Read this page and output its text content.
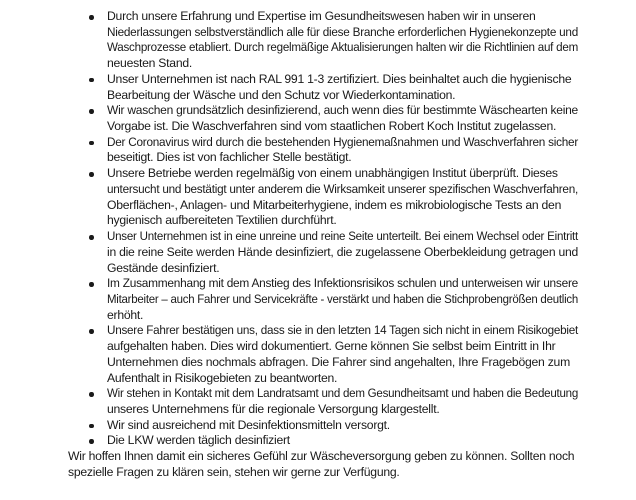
Durch unsere Erfahrung und Expertise im Gesundheitswesen haben wir in unseren
Niederlassungen selbstverständlich alle für diese Branche erforderlichen Hygienekonzepte und
Waschprozesse etabliert. Durch regelmäßige Aktualisierungen halten wir die Richtlinien auf dem
neuesten Stand.
Unser Unternehmen ist nach RAL 991 1-3 zertifiziert. Dies beinhaltet auch die hygienische
Bearbeitung der Wäsche und den Schutz vor Wiederkontamination.
Wir waschen grundsätzlich desinfizierend, auch wenn dies für bestimmte Wäschearten keine
Vorgabe ist. Die Waschverfahren sind vom staatlichen Robert Koch Institut zugelassen.
Der Coronavirus wird durch die bestehenden Hygienemaßnahmen und Waschverfahren sicher
beseitigt. Dies ist von fachlicher Stelle bestätigt.
Unsere Betriebe werden regelmäßig von einem unabhängigen Institut überprüft. Dieses
untersucht und bestätigt unter anderem die Wirksamkeit unserer spezifischen Waschverfahren,
Oberflächen-, Anlagen- und Mitarbeiterhygiene, indem es mikrobiologische Tests an den
hygienisch aufbereiteten Textilien durchführt.
Unser Unternehmen ist in eine unreine und reine Seite unterteilt. Bei einem Wechsel oder Eintritt
in die reine Seite werden Hände desinfiziert, die zugelassene Oberbekleidung getragen und
Gestände desinfiziert.
Im Zusammenhang mit dem Anstieg des Infektionsrisikos schulen und unterweisen wir unsere
Mitarbeiter – auch Fahrer und Servicekräfte - verstärkt und haben die Stichprobengrößen deutlich
erhöht.
Unsere Fahrer bestätigen uns, dass sie in den letzten 14 Tagen sich nicht in einem Risikogebiet
aufgehalten haben. Dies wird dokumentiert. Gerne können Sie selbst beim Eintritt in Ihr
Unternehmen dies nochmals abfragen. Die Fahrer sind angehalten, Ihre Fragebögen zum
Aufenthalt in Risikogebieten zu beantworten.
Wir stehen in Kontakt mit dem Landratsamt und dem Gesundheitsamt und haben die Bedeutung
unseres Unternehmens für die regionale Versorgung klargestellt.
Wir sind ausreichend mit Desinfektionsmitteln versorgt.
Die LKW werden täglich desinfiziert
Wir hoffen Ihnen damit ein sicheres Gefühl zur Wäscheversorgung geben zu können. Sollten noch
spezielle Fragen zu klären sein, stehen wir gerne zur Verfügung.
